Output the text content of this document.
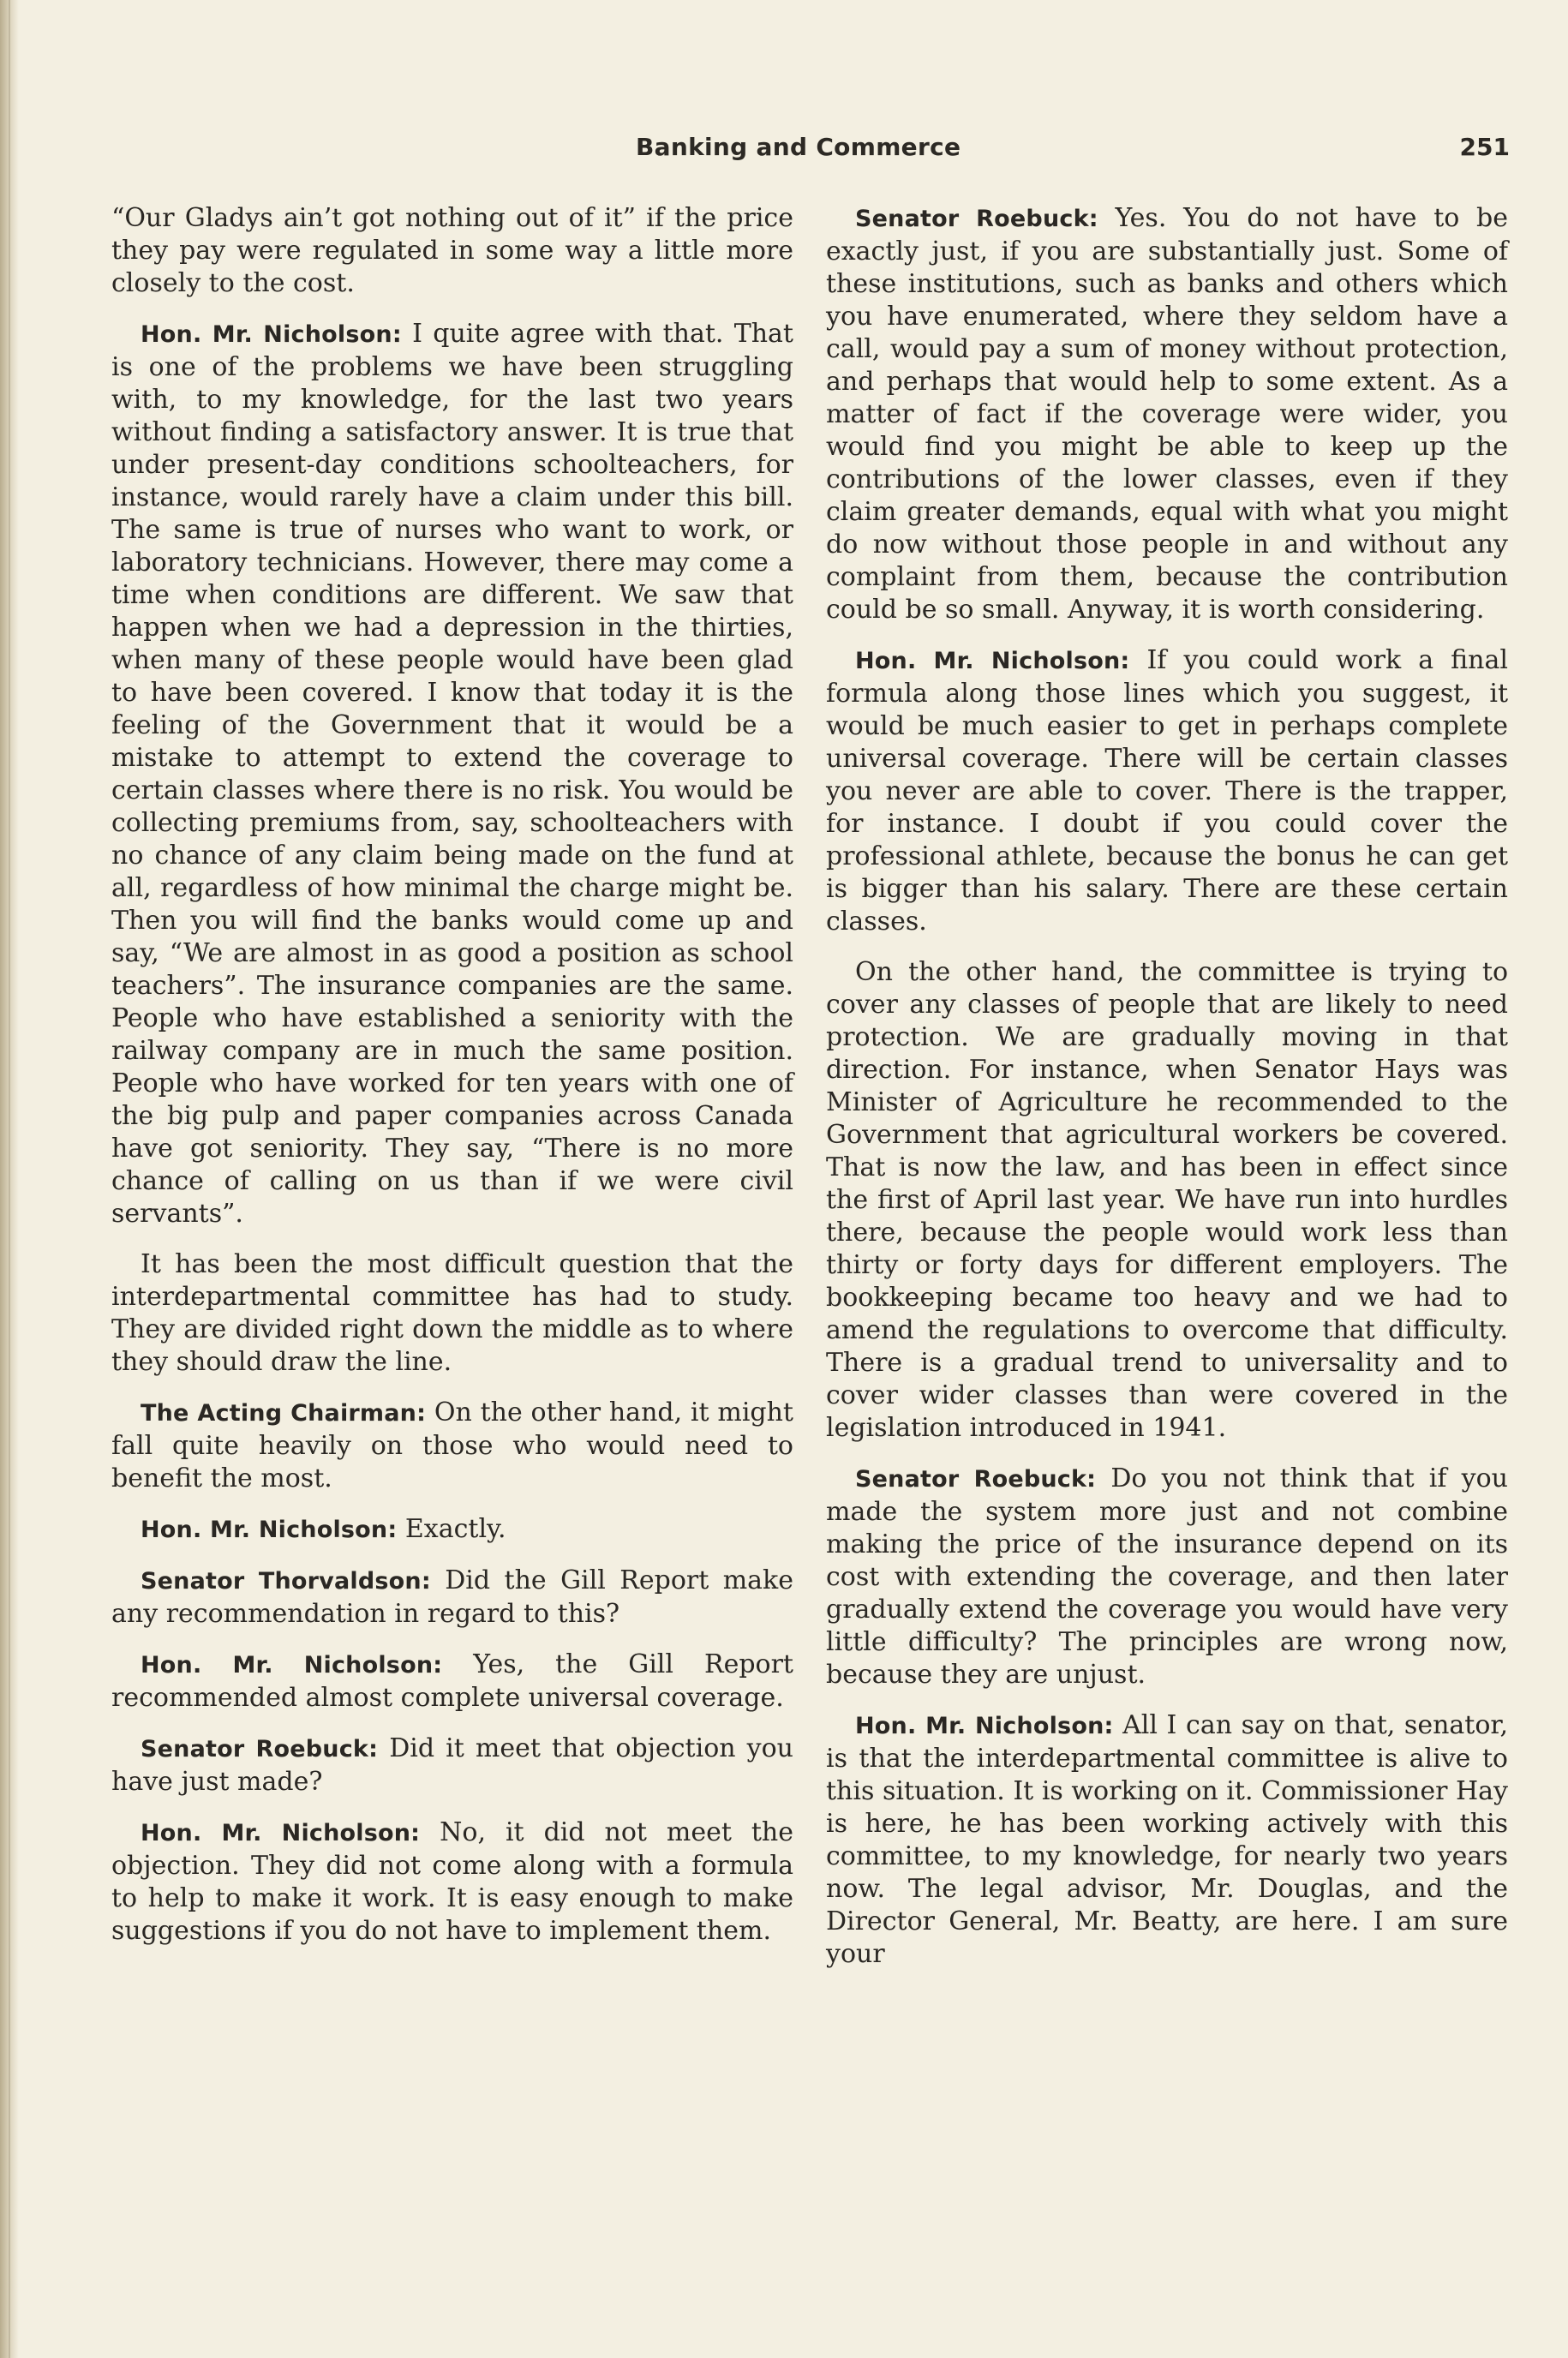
Banking and Commerce	251

“Our Gladys ain’t got nothing out of it” if the price they pay were regulated in some way a little more closely to the cost.

Hon. Mr. Nicholson: I quite agree with that. That is one of the problems we have been struggling with, to my knowledge, for the last two years without finding a satisfactory answer. It is true that under present-day conditions schoolteachers, for instance, would rarely have a claim under this bill. The same is true of nurses who want to work, or laboratory technicians. However, there may come a time when conditions are different. We saw that happen when we had a depression in the thirties, when many of these people would have been glad to have been covered. I know that today it is the feeling of the Government that it would be a mistake to attempt to extend the coverage to certain classes where there is no risk. You would be collecting premiums from, say, schoolteachers with no chance of any claim being made on the fund at all, regardless of how minimal the charge might be. Then you will find the banks would come up and say, “We are almost in as good a position as school teachers”. The insurance companies are the same. People who have established a seniority with the railway company are in much the same position. People who have worked for ten years with one of the big pulp and paper companies across Canada have got seniority. They say, “There is no more chance of calling on us than if we were civil servants”.

It has been the most difficult question that the interdepartmental committee has had to study. They are divided right down the middle as to where they should draw the line.

The Acting Chairman: On the other hand, it might fall quite heavily on those who would need to benefit the most.

Hon. Mr. Nicholson: Exactly.

Senator Thorvaldson: Did the Gill Report make any recommendation in regard to this?

Hon. Mr. Nicholson: Yes, the Gill Report recommended almost complete universal coverage.

Senator Roebuck: Did it meet that objection you have just made?

Hon. Mr. Nicholson: No, it did not meet the objection. They did not come along with a formula to help to make it work. It is easy enough to make suggestions if you do not have to implement them.

Senator Roebuck: Yes. You do not have to be exactly just, if you are substantially just. Some of these institutions, such as banks and others which you have enumerated, where they seldom have a call, would pay a sum of money without protection, and perhaps that would help to some extent. As a matter of fact if the coverage were wider, you would find you might be able to keep up the contributions of the lower classes, even if they claim greater demands, equal with what you might do now without those people in and without any complaint from them, because the contribution could be so small. Anyway, it is worth considering.

Hon. Mr. Nicholson: If you could work a final formula along those lines which you suggest, it would be much easier to get in perhaps complete universal coverage. There will be certain classes you never are able to cover. There is the trapper, for instance. I doubt if you could cover the professional athlete, because the bonus he can get is bigger than his salary. There are these certain classes.

On the other hand, the committee is trying to cover any classes of people that are likely to need protection. We are gradually moving in that direction. For instance, when Senator Hays was Minister of Agriculture he recommended to the Government that agricultural workers be covered. That is now the law, and has been in effect since the first of April last year. We have run into hurdles there, because the people would work less than thirty or forty days for different employers. The bookkeeping became too heavy and we had to amend the regulations to overcome that difficulty. There is a gradual trend to universality and to cover wider classes than were covered in the legislation introduced in 1941.

Senator Roebuck: Do you not think that if you made the system more just and not combine making the price of the insurance depend on its cost with extending the coverage, and then later gradually extend the coverage you would have very little difficulty? The principles are wrong now, because they are unjust.

Hon. Mr. Nicholson: All I can say on that, senator, is that the interdepartmental committee is alive to this situation. It is working on it. Commissioner Hay is here, he has been working actively with this committee, to my knowledge, for nearly two years now. The legal advisor, Mr. Douglas, and the Director General, Mr. Beatty, are here. I am sure your
